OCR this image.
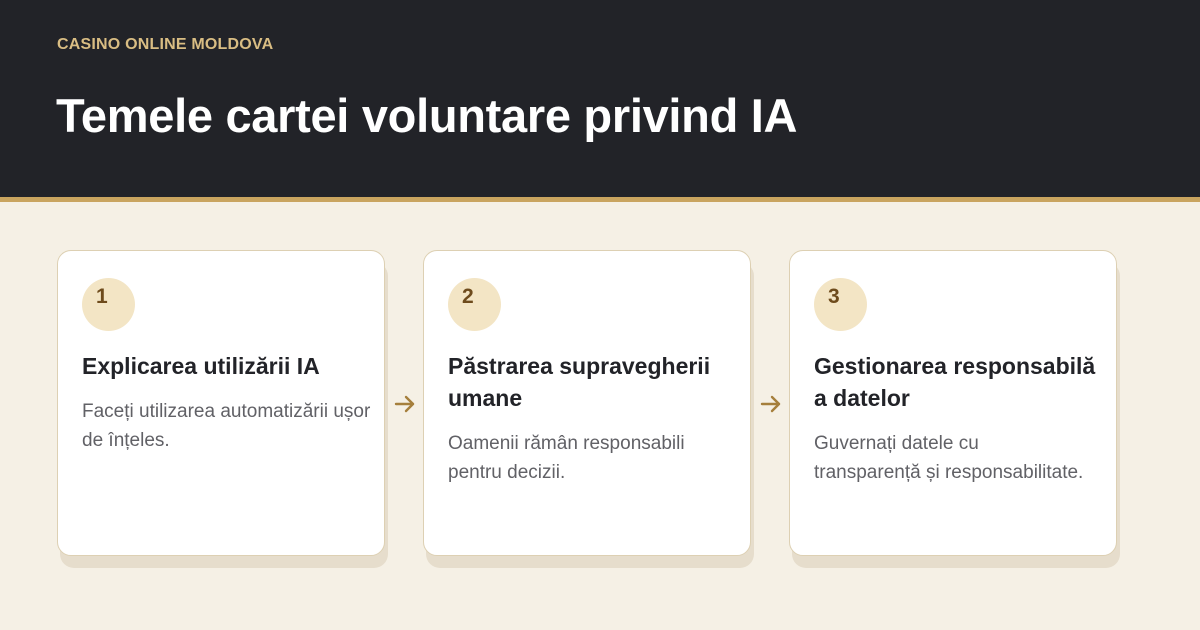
CASINO ONLINE MOLDOVA
Temele cartei voluntare privind IA
1
Explicarea utilizării IA
Faceți utilizarea automatizării ușor de înțeles.
2
Păstrarea supravegherii umane
Oamenii rămân responsabili pentru decizii.
3
Gestionarea responsabilă a datelor
Guvernați datele cu transparență și responsabilitate.
